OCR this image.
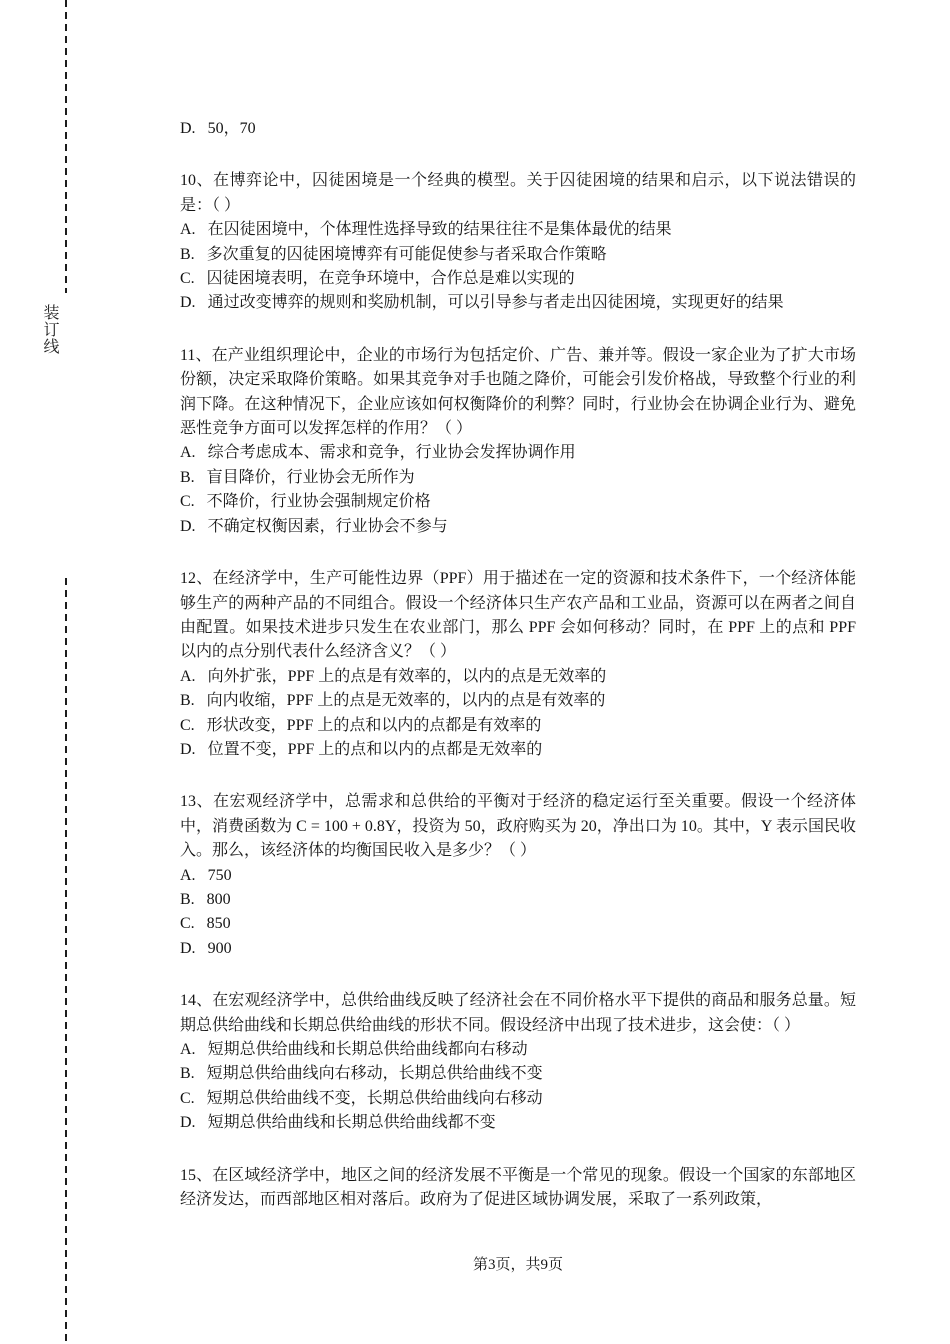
装订线
D. 50，70
10、在博弈论中，囚徒困境是一个经典的模型。关于囚徒困境的结果和启示，以下说法错误的是：（ ）
A. 在囚徒困境中，个体理性选择导致的结果往往不是集体最优的结果
B. 多次重复的囚徒困境博弈有可能促使参与者采取合作策略
C. 囚徒困境表明，在竞争环境中，合作总是难以实现的
D. 通过改变博弈的规则和奖励机制，可以引导参与者走出囚徒困境，实现更好的结果
11、在产业组织理论中，企业的市场行为包括定价、广告、兼并等。假设一家企业为了扩大市场份额，决定采取降价策略。如果其竞争对手也随之降价，可能会引发价格战，导致整个行业的利润下降。在这种情况下，企业应该如何权衡降价的利弊？同时，行业协会在协调企业行为、避免恶性竞争方面可以发挥怎样的作用？（ ）
A. 综合考虑成本、需求和竞争，行业协会发挥协调作用
B. 盲目降价，行业协会无所作为
C. 不降价，行业协会强制规定价格
D. 不确定权衡因素，行业协会不参与
12、在经济学中，生产可能性边界（PPF）用于描述在一定的资源和技术条件下，一个经济体能够生产的两种产品的不同组合。假设一个经济体只生产农产品和工业品，资源可以在两者之间自由配置。如果技术进步只发生在农业部门，那么 PPF 会如何移动？同时，在 PPF 上的点和 PPF 以内的点分别代表什么经济含义？（ ）
A. 向外扩张，PPF 上的点是有效率的，以内的点是无效率的
B. 向内收缩，PPF 上的点是无效率的，以内的点是有效率的
C. 形状改变，PPF 上的点和以内的点都是有效率的
D. 位置不变，PPF 上的点和以内的点都是无效率的
13、在宏观经济学中，总需求和总供给的平衡对于经济的稳定运行至关重要。假设一个经济体中，消费函数为 C = 100 + 0.8Y，投资为 50，政府购买为 20，净出口为 10。其中，Y 表示国民收入。那么，该经济体的均衡国民收入是多少？（ ）
A. 750
B. 800
C. 850
D. 900
14、在宏观经济学中，总供给曲线反映了经济社会在不同价格水平下提供的商品和服务总量。短期总供给曲线和长期总供给曲线的形状不同。假设经济中出现了技术进步，这会使：（ ）
A. 短期总供给曲线和长期总供给曲线都向右移动
B. 短期总供给曲线向右移动，长期总供给曲线不变
C. 短期总供给曲线不变，长期总供给曲线向右移动
D. 短期总供给曲线和长期总供给曲线都不变
15、在区域经济学中，地区之间的经济发展不平衡是一个常见的现象。假设一个国家的东部地区经济发达，而西部地区相对落后。政府为了促进区域协调发展，采取了一系列政策，
第3页，共9页
